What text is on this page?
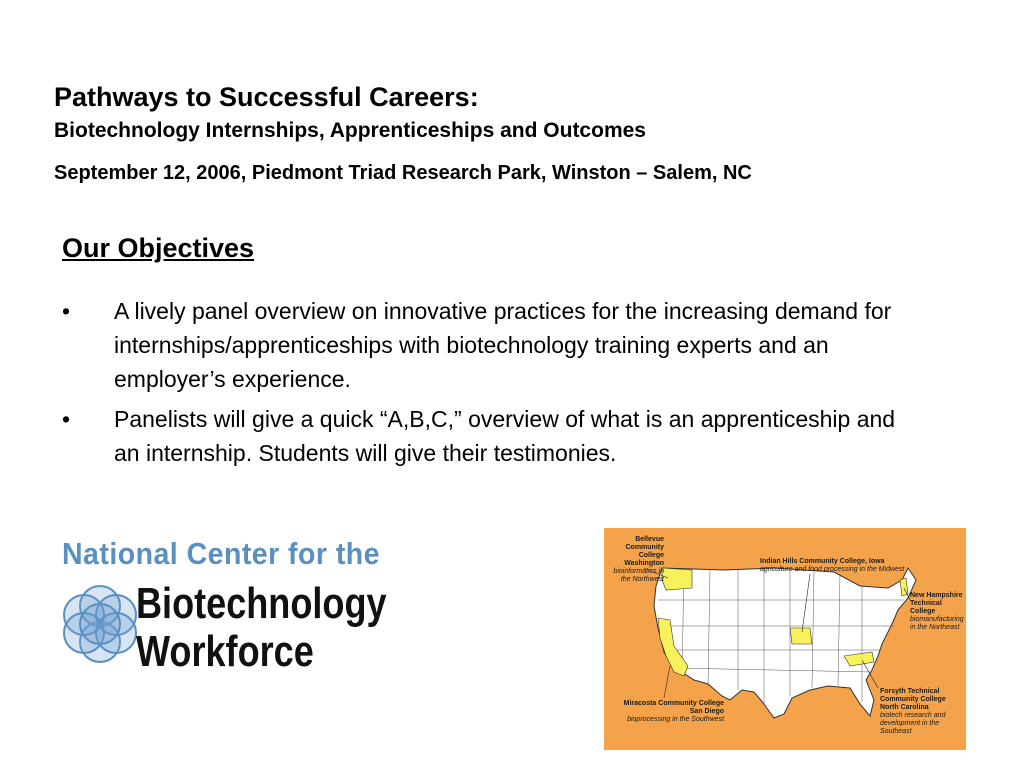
Pathways to Successful Careers:
Biotechnology Internships, Apprenticeships and Outcomes

September 12, 2006, Piedmont Triad Research Park, Winston – Salem, NC

Our Objectives
• A lively panel overview on innovative practices for the increasing demand for internships/apprenticeships with biotechnology training experts and an employer’s experience.
• Panelists will give a quick “A,B,C,” overview of what is an apprenticeship and an internship. Students will give their testimonies.
National Center for the
Biotechnology
Workforce
Bellevue
Community College
Washington
bioinformatics in
the Northwest
Indian Hills Community College, Iowa
agriculture and food processing in the Midwest
New Hampshire
Technical College
biomanufacturing
in the Northeast
Miracosta Community College
San Diego
bioprocessing in the Southwest
Forsyth Technical
Community College
North Carolina
biotech research and
development in the Southeast
